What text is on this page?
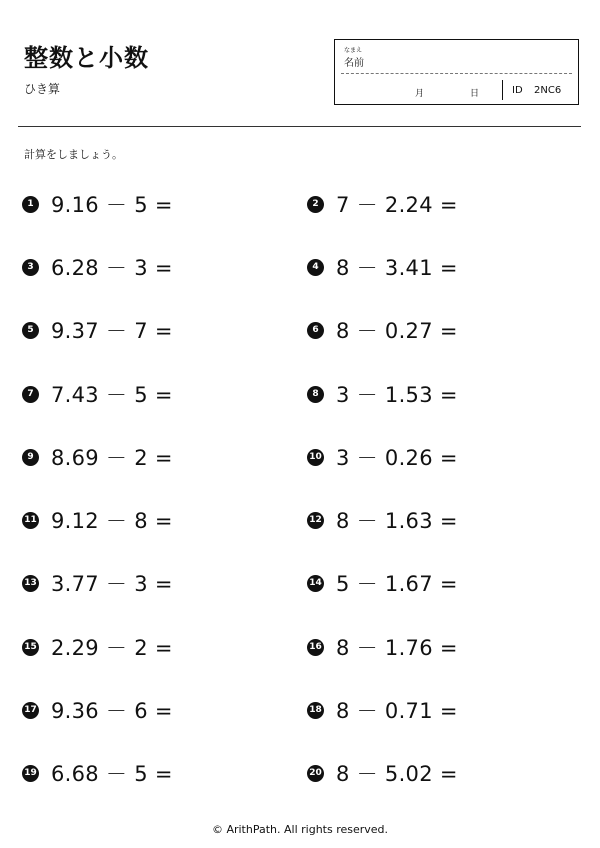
整数と小数
ひき算
なまえ
名前
月	日	ID 2NC6
計算をしましょう。
1 9.16 － 5 =	2 7 － 2.24 =
3 6.28 － 3 =	4 8 － 3.41 =
5 9.37 － 7 =	6 8 － 0.27 =
7 7.43 － 5 =	8 3 － 1.53 =
9 8.69 － 2 =	10 3 － 0.26 =
11 9.12 － 8 =	12 8 － 1.63 =
13 3.77 － 3 =	14 5 － 1.67 =
15 2.29 － 2 =	16 8 － 1.76 =
17 9.36 － 6 =	18 8 － 0.71 =
19 6.68 － 5 =	20 8 － 5.02 =
© ArithPath. All rights reserved.
